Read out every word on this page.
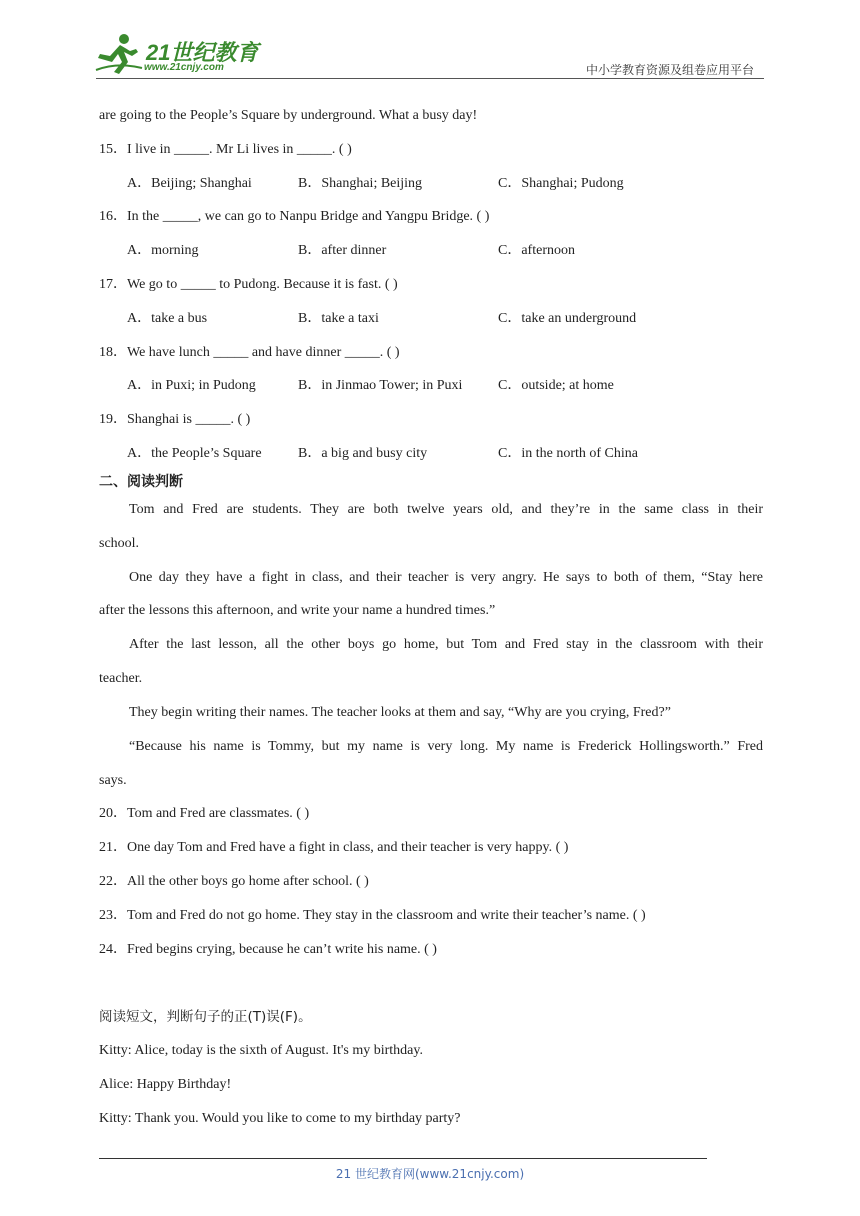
21世纪教育
www.21cnjy.com	中小学教育资源及组卷应用平台
are going to the People’s Square by underground. What a busy day!
15．I live in _____. Mr Li lives in _____. ( )
A．Beijing; Shanghai	B．Shanghai; Beijing	C．Shanghai; Pudong
16．In the _____, we can go to Nanpu Bridge and Yangpu Bridge. ( )
A．morning	B．after dinner	C．afternoon
17．We go to _____ to Pudong. Because it is fast. ( )
A．take a bus	B．take a taxi	C．take an underground
18．We have lunch _____ and have dinner _____. ( )
A．in Puxi; in Pudong	B．in Jinmao Tower; in Puxi	C．outside; at home
19．Shanghai is _____. ( )
A．the People’s Square	B．a big and busy city	C．in the north of China
二、阅读判断
Tom and Fred are students. They are both twelve years old, and they’re in the same class in their
school.
One day they have a fight in class, and their teacher is very angry. He says to both of them, “Stay here
after the lessons this afternoon, and write your name a hundred times.”
After the last lesson, all the other boys go home, but Tom and Fred stay in the classroom with their
teacher.
They begin writing their names. The teacher looks at them and say, “Why are you crying, Fred?”
“Because his name is Tommy, but my name is very long. My name is Frederick Hollingsworth.” Fred
says.
20．Tom and Fred are classmates. ( )
21．One day Tom and Fred have a fight in class, and their teacher is very happy. ( )
22．All the other boys go home after school. ( )
23．Tom and Fred do not go home. They stay in the classroom and write their teacher’s name. ( )
24．Fred begins crying, because he can’t write his name. ( )
阅读短文，判断句子的正(T)误(F)。
Kitty: Alice, today is the sixth of August. It's my birthday.
Alice: Happy Birthday!
Kitty: Thank you. Would you like to come to my birthday party?
21 世纪教育网(www.21cnjy.com)
